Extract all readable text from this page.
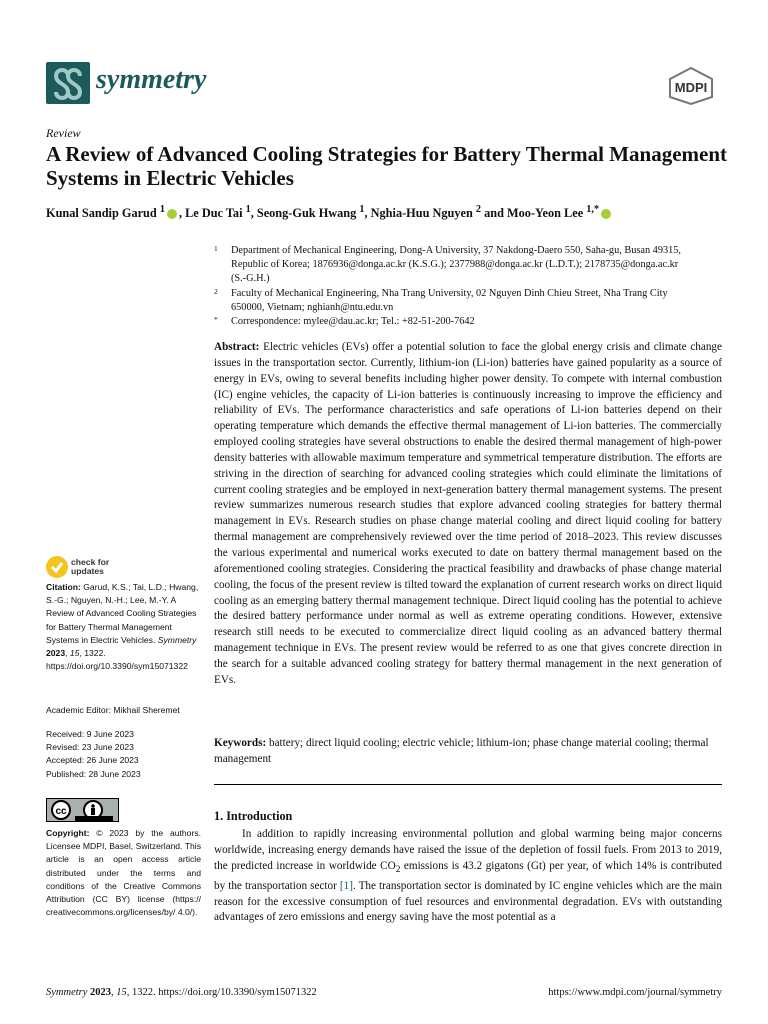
symmetry	MDPI
Review
A Review of Advanced Cooling Strategies for Battery Thermal Management Systems in Electric Vehicles
Kunal Sandip Garud $^1$ , Le Duc Tai $^1$, Seong-Guk Hwang $^1$, Nghia-Huu Nguyen $^2$ and Moo-Yeon Lee $^{1,*}$
1	Department of Mechanical Engineering, Dong-A University, 37 Nakdong-Daero 550, Saha-gu, Busan 49315, Republic of Korea; 1876936@donga.ac.kr (K.S.G.); 2377988@donga.ac.kr (L.D.T.); 2178735@donga.ac.kr (S.-G.H.)
2	Faculty of Mechanical Engineering, Nha Trang University, 02 Nguyen Dinh Chieu Street, Nha Trang City 650000, Vietnam; nghianh@ntu.edu.vn
*	Correspondence: mylee@dau.ac.kr; Tel.: +82-51-200-7642
Abstract: Electric vehicles (EVs) offer a potential solution to face the global energy crisis and climate change issues in the transportation sector. Currently, lithium-ion (Li-ion) batteries have gained popularity as a source of energy in EVs, owing to several benefits including higher power density. To compete with internal combustion (IC) engine vehicles, the capacity of Li-ion batteries is continuously increasing to improve the efficiency and reliability of EVs. The performance characteristics and safe operations of Li-ion batteries depend on their operating temperature which demands the effective thermal management of Li-ion batteries. The commercially employed cooling strategies have several obstructions to enable the desired thermal management of high-power density batteries with allowable maximum temperature and symmetrical temperature distribution. The efforts are striving in the direction of searching for advanced cooling strategies which could eliminate the limitations of current cooling strategies and be employed in next-generation battery thermal management systems. The present review summarizes numerous research studies that explore advanced cooling strategies for battery thermal management in EVs. Research studies on phase change material cooling and direct liquid cooling for battery thermal management are comprehensively reviewed over the time period of 2018–2023. This review discusses the various experimental and numerical works executed to date on battery thermal management based on the aforementioned cooling strategies. Considering the practical feasibility and drawbacks of phase change material cooling, the focus of the present review is tilted toward the explanation of current research works on direct liquid cooling as an emerging battery thermal management technique. Direct liquid cooling has the potential to achieve the desired battery performance under normal as well as extreme operating conditions. However, extensive research still needs to be executed to commercialize direct liquid cooling as an advanced battery thermal management technique in EVs. The present review would be referred to as one that gives concrete direction in the search for a suitable advanced cooling strategy for battery thermal management in the next generation of EVs.
Keywords: battery; direct liquid cooling; electric vehicle; lithium-ion; phase change material cooling; thermal management
check for
updates
Citation: Garud, K.S.; Tai, L.D.; Hwang, S.-G.; Nguyen, N.-H.; Lee, M.-Y. A Review of Advanced Cooling Strategies for Battery Thermal Management Systems in Electric Vehicles. Symmetry 2023, 15, 1322. https://doi.org/10.3390/sym15071322
Academic Editor: Mikhail Sheremet
Received: 9 June 2023
Revised: 23 June 2023
Accepted: 26 June 2023
Published: 28 June 2023
cc
Copyright: © 2023 by the authors. Licensee MDPI, Basel, Switzerland. This article is an open access article distributed under the terms and conditions of the Creative Commons Attribution (CC BY) license (https:// creativecommons.org/licenses/by/ 4.0/).
1. Introduction
In addition to rapidly increasing environmental pollution and global warming being major concerns worldwide, increasing energy demands have raised the issue of the depletion of fossil fuels. From 2013 to 2019, the predicted increase in worldwide $CO_2$ emissions is 43.2 gigatons (Gt) per year, of which 14% is contributed by the transportation sector [1]. The transportation sector is dominated by IC engine vehicles which are the main reason for the excessive consumption of fuel resources and environmental degradation. EVs with outstanding advantages of zero emissions and energy saving have the most potential as a
Symmetry 2023, 15, 1322. https://doi.org/10.3390/sym15071322	https://www.mdpi.com/journal/symmetry
